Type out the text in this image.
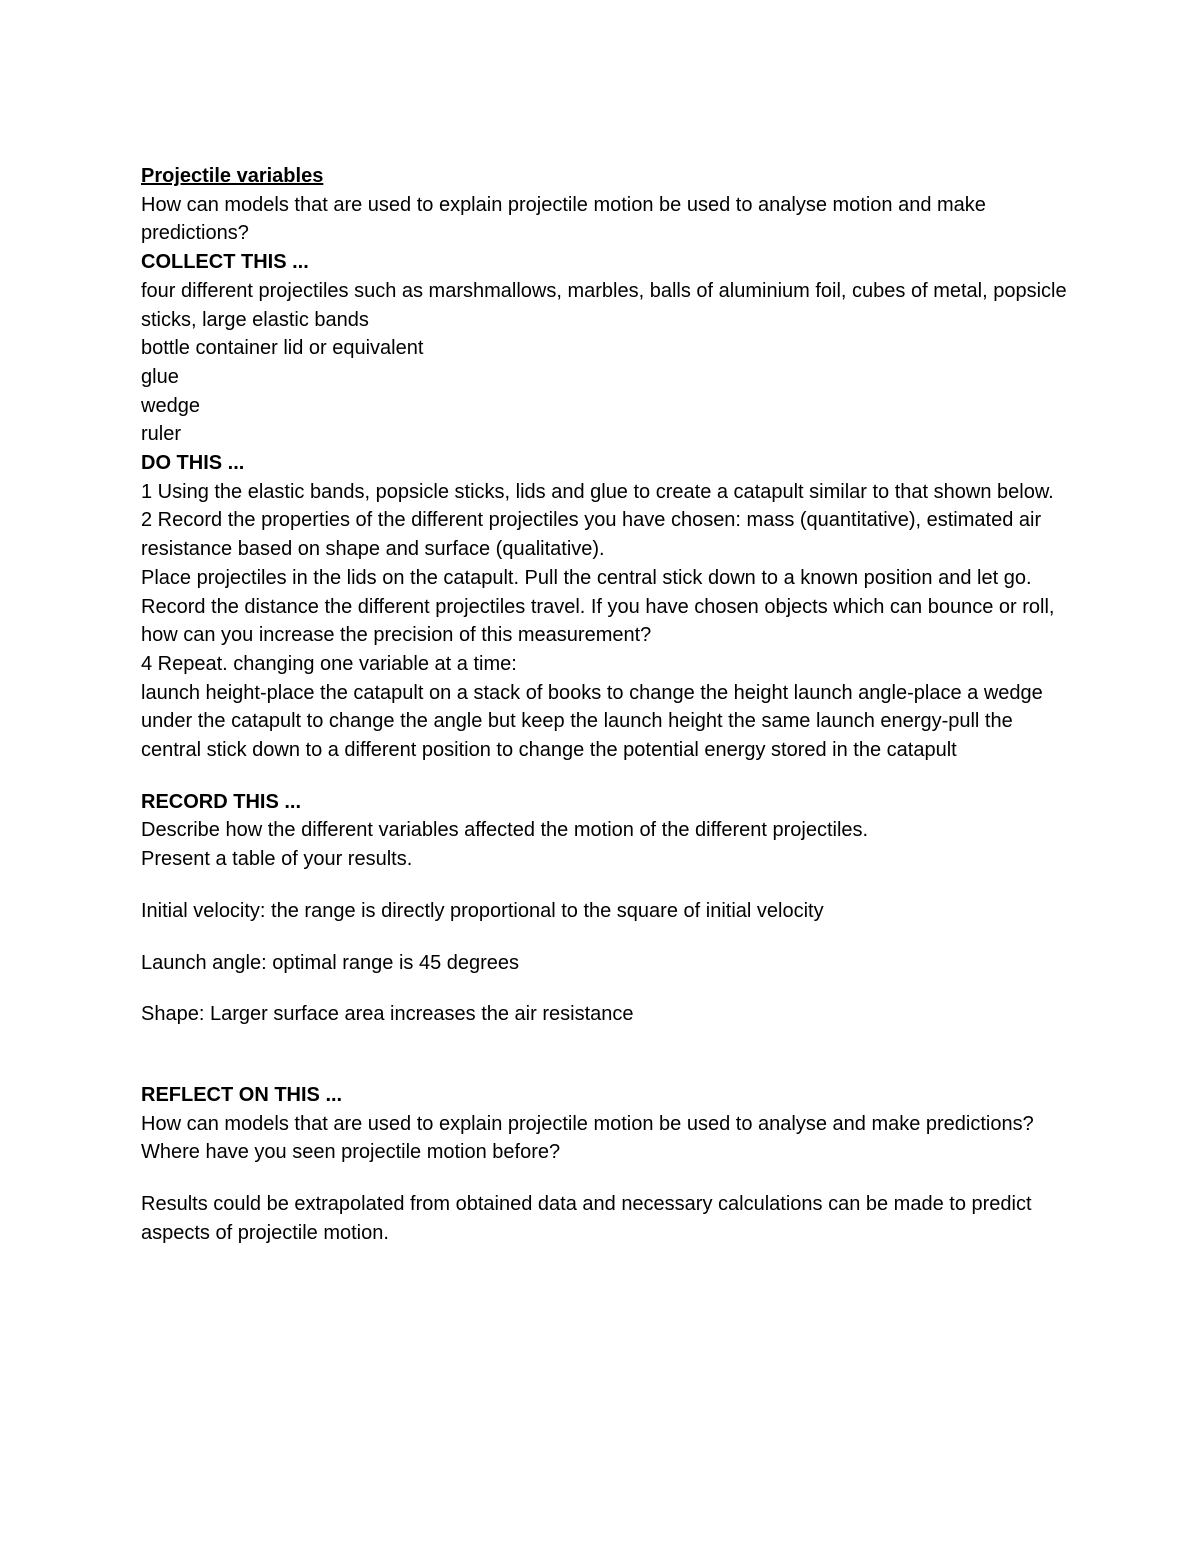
Projectile variables

How can models that are used to explain projectile motion be used to analyse motion and make predictions?

COLLECT THIS ...

four different projectiles such as marshmallows, marbles, balls of aluminium foil, cubes of metal, popsicle sticks, large elastic bands

bottle container lid or equivalent

glue

wedge

ruler

DO THIS ...

1 Using the elastic bands, popsicle sticks, lids and glue to create a catapult similar to that shown below.

2 Record the properties of the different projectiles you have chosen: mass (quantitative), estimated air resistance based on shape and surface (qualitative).

Place projectiles in the lids on the catapult. Pull the central stick down to a known position and let go.

Record the distance the different projectiles travel. If you have chosen objects which can bounce or roll, how can you increase the precision of this measurement?

4 Repeat. changing one variable at a time:

launch height-place the catapult on a stack of books to change the height launch angle-place a wedge under the catapult to change the angle but keep the launch height the same launch energy-pull the central stick down to a different position to change the potential energy stored in the catapult

RECORD THIS ...

Describe how the different variables affected the motion of the different projectiles.

Present a table of your results.

Initial velocity: the range is directly proportional to the square of initial velocity

Launch angle: optimal range is 45 degrees

Shape: Larger surface area increases the air resistance

REFLECT ON THIS ...

How can models that are used to explain projectile motion be used to analyse and make predictions?

Where have you seen projectile motion before?

Results could be extrapolated from obtained data and necessary calculations can be made to predict aspects of projectile motion.
